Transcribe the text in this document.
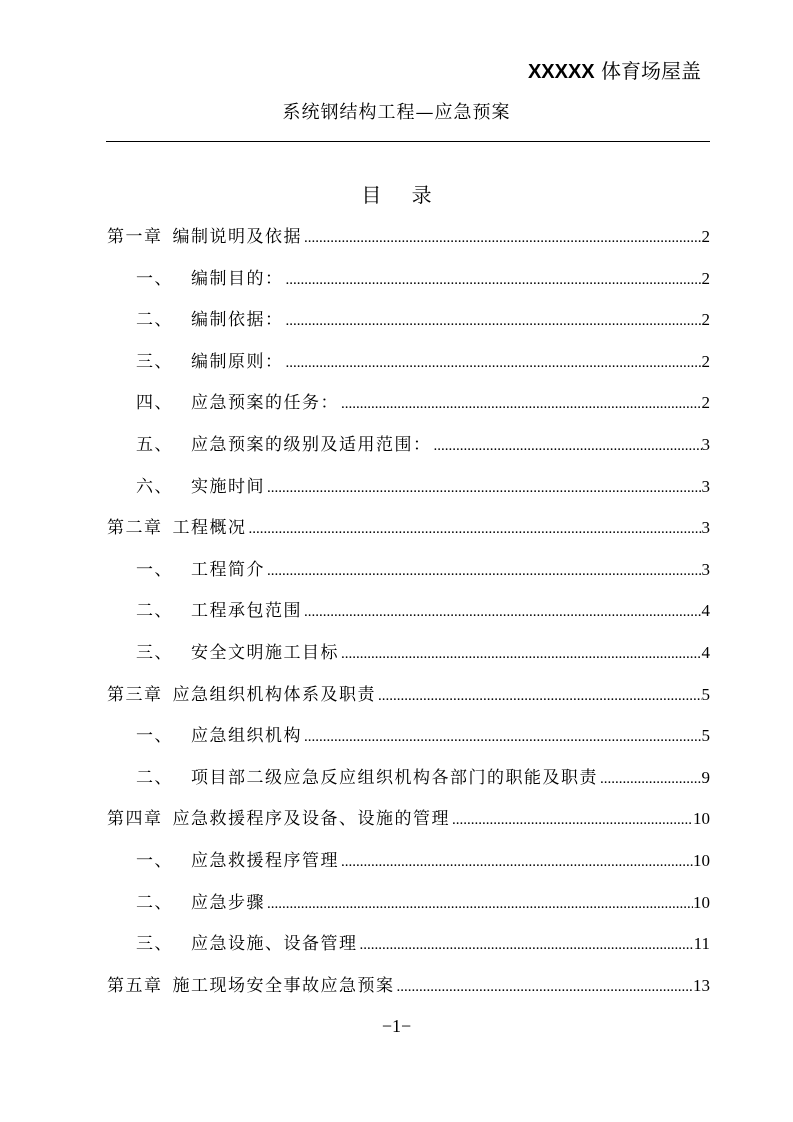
XXXXX 体育场屋盖
系统钢结构工程—应急预案
目 录
第一章 编制说明及依据 .....	2
一、	编制目的： .....	2
二、	编制依据： .....	2
三、	编制原则： .....	2
四、	应急预案的任务： .....	2
五、	应急预案的级别及适用范围： .....	3
六、	实施时间 .....	3
第二章 工程概况 .....	3
一、	工程简介 .....	3
二、	工程承包范围 .....	4
三、	安全文明施工目标 .....	4
第三章 应急组织机构体系及职责 .....	5
一、	应急组织机构 .....	5
二、	项目部二级应急反应组织机构各部门的职能及职责 .....	9
第四章 应急救援程序及设备、设施的管理 .....	10
一、	应急救援程序管理 .....	10
二、	应急步骤 .....	10
三、	应急设施、设备管理 .....	11
第五章 施工现场安全事故应急预案 .....	13
−1−
